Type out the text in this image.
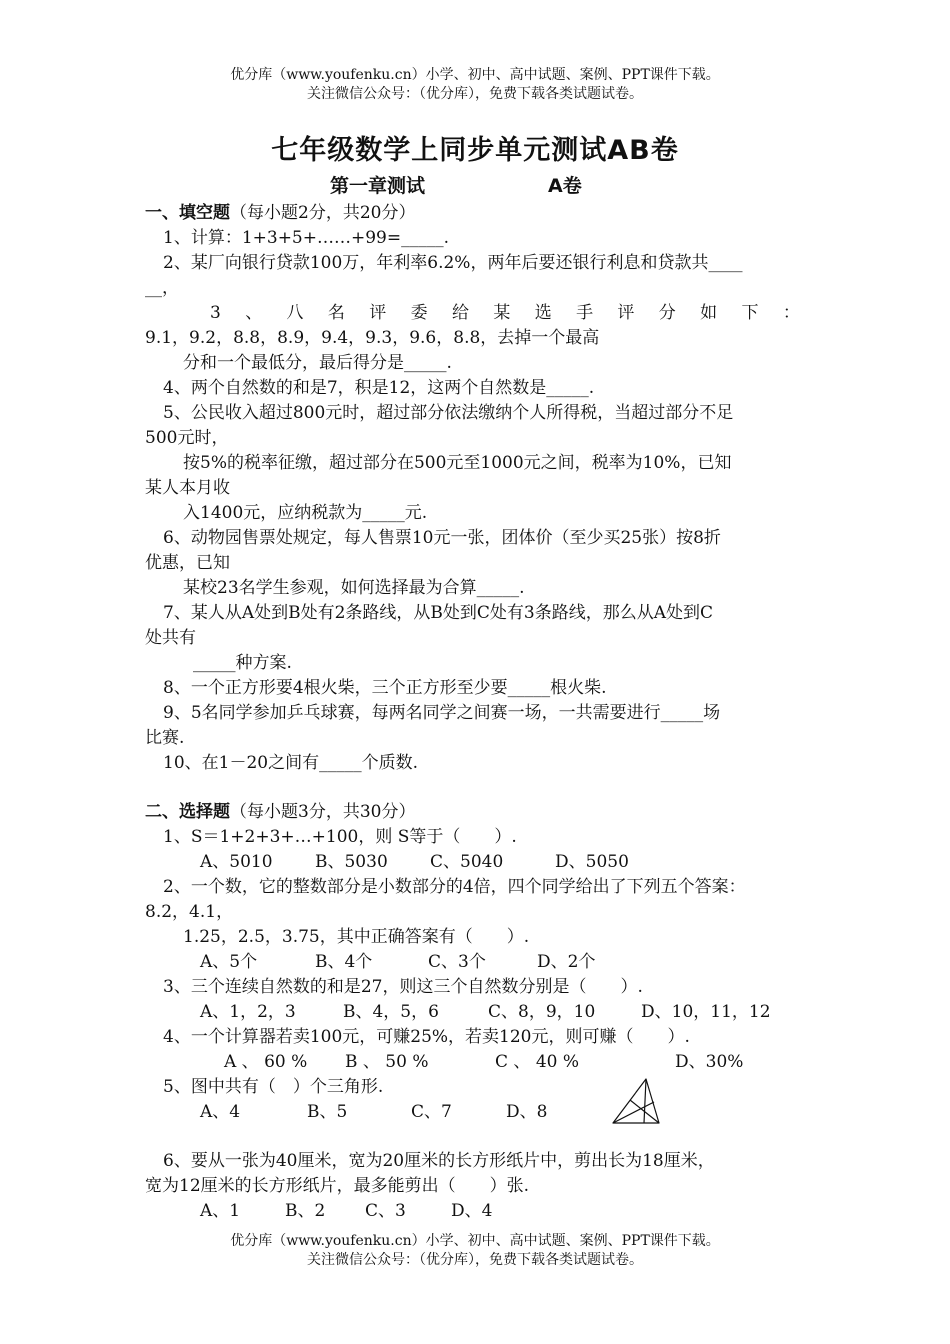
优分库（www.youfenku.cn）小学、初中、高中试题、案例、PPT课件下载。
关注微信公众号：（优分库），免费下载各类试题试卷。
七年级数学上同步单元测试AB卷
第一章测试	A卷
一、填空题（每小题2分，共20分）
1、计算：1+3+5+……+99=_____.
2、某厂向银行贷款100万，年利率6.2%，两年后要还银行利息和贷款共____
__，
3 、 八 名 评 委 给 某 选 手 评 分 如 下 ：
9.1，9.2，8.8，8.9，9.4，9.3，9.6，8.8，去掉一个最高
分和一个最低分，最后得分是_____.
4、两个自然数的和是7，积是12，这两个自然数是_____.
5、公民收入超过800元时，超过部分依法缴纳个人所得税，当超过部分不足
500元时，
按5%的税率征缴，超过部分在500元至1000元之间，税率为10%，已知
某人本月收
入1400元，应纳税款为_____元.
6、动物园售票处规定，每人售票10元一张，团体价（至少买25张）按8折
优惠，已知
某校23名学生参观，如何选择最为合算_____.
7、某人从A处到B处有2条路线，从B处到C处有3条路线，那么从A处到C
处共有
_____种方案.
8、一个正方形要4根火柴，三个正方形至少要_____根火柴.
9、5名同学参加乒乓球赛，每两名同学之间赛一场，一共需要进行_____场
比赛.
10、在1－20之间有_____个质数.
二、选择题（每小题3分，共30分）
1、S＝1+2+3+…+100，则 S等于（　　）.
A、5010 B、5030 C、5040	D、5050
2、一个数，它的整数部分是小数部分的4倍，四个同学给出了下列五个答案：
8.2，4.1，
1.25，2.5，3.75，其中正确答案有（　　）.
A、5个	B、4个	C、3个	D、2个
3、三个连续自然数的和是27，则这三个自然数分别是（　　）.
A、1，2，3	B、4，5，6	C、8，9，10	D、10，11，12
4、一个计算器若卖100元，可赚25%，若卖120元，则可赚（　　）.
A 、 60 % B 、 50 %	C 、 40 %	D、30%
5、图中共有（　）个三角形.
A、4	B、5	C、7	D、8
6、要从一张为40厘米，宽为20厘米的长方形纸片中，剪出长为18厘米，
宽为12厘米的长方形纸片，最多能剪出（　　）张.
A、1	B、2 C、3	D、4
优分库（www.youfenku.cn）小学、初中、高中试题、案例、PPT课件下载。
关注微信公众号：（优分库），免费下载各类试题试卷。
